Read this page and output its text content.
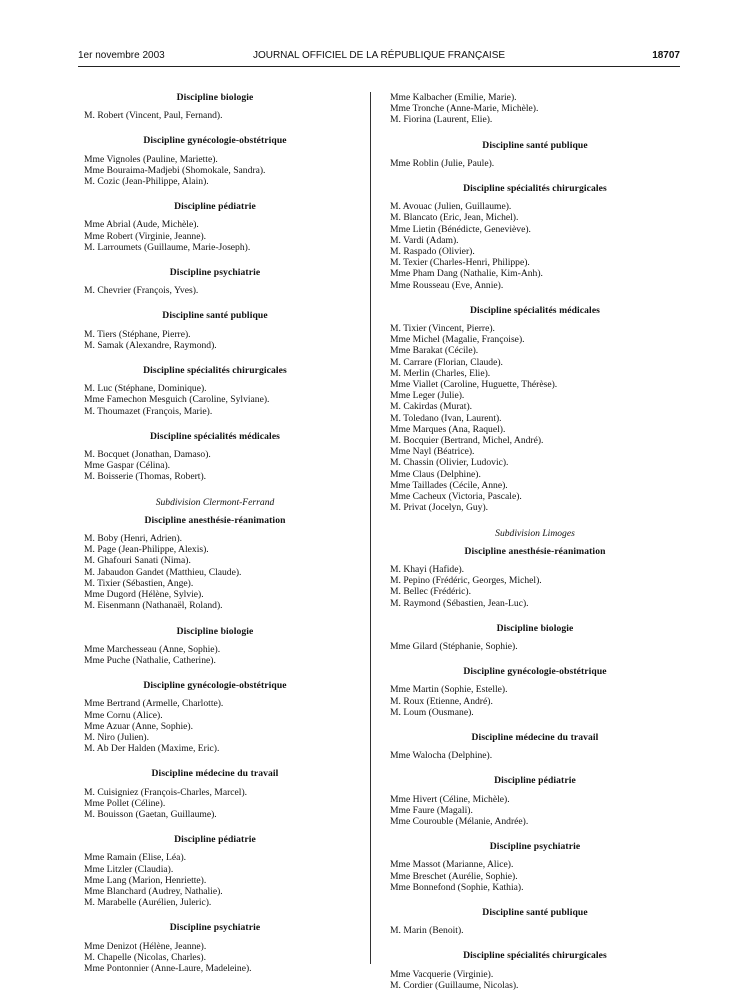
1er novembre 2003	JOURNAL OFFICIEL DE LA RÉPUBLIQUE FRANÇAISE	18707
Discipline biologie
M. Robert (Vincent, Paul, Fernand).
Discipline gynécologie-obstétrique
Mme Vignoles (Pauline, Mariette).
Mme Bouraima-Madjebi (Shomokale, Sandra).
M. Cozic (Jean-Philippe, Alain).
Discipline pédiatrie
Mme Abrial (Aude, Michèle).
Mme Robert (Virginie, Jeanne).
M. Larroumets (Guillaume, Marie-Joseph).
Discipline psychiatrie
M. Chevrier (François, Yves).
Discipline santé publique
M. Tiers (Stéphane, Pierre).
M. Samak (Alexandre, Raymond).
Discipline spécialités chirurgicales
M. Luc (Stéphane, Dominique).
Mme Famechon Mesguich (Caroline, Sylviane).
M. Thoumazet (François, Marie).
Discipline spécialités médicales
M. Bocquet (Jonathan, Damaso).
Mme Gaspar (Célina).
M. Boisserie (Thomas, Robert).
Subdivision Clermont-Ferrand
Discipline anesthésie-réanimation
M. Boby (Henri, Adrien).
M. Page (Jean-Philippe, Alexis).
M. Ghafouri Sanati (Nima).
M. Jabaudon Gandet (Matthieu, Claude).
M. Tixier (Sébastien, Ange).
Mme Dugord (Hélène, Sylvie).
M. Eisenmann (Nathanaël, Roland).
Discipline biologie
Mme Marchesseau (Anne, Sophie).
Mme Puche (Nathalie, Catherine).
Discipline gynécologie-obstétrique
Mme Bertrand (Armelle, Charlotte).
Mme Cornu (Alice).
Mme Azuar (Anne, Sophie).
M. Niro (Julien).
M. Ab Der Halden (Maxime, Eric).
Discipline médecine du travail
M. Cuisigniez (François-Charles, Marcel).
Mme Pollet (Céline).
M. Bouisson (Gaetan, Guillaume).
Discipline pédiatrie
Mme Ramain (Elise, Léa).
Mme Litzler (Claudia).
Mme Lang (Marion, Henriette).
Mme Blanchard (Audrey, Nathalie).
M. Marabelle (Aurélien, Juleric).
Discipline psychiatrie
Mme Denizot (Hélène, Jeanne).
M. Chapelle (Nicolas, Charles).
Mme Pontonnier (Anne-Laure, Madeleine).
Mme Kalbacher (Emilie, Marie).
Mme Tronche (Anne-Marie, Michèle).
M. Fiorina (Laurent, Elie).
Discipline santé publique
Mme Roblin (Julie, Paule).
Discipline spécialités chirurgicales
M. Avouac (Julien, Guillaume).
M. Blancato (Eric, Jean, Michel).
Mme Lietin (Bénédicte, Geneviève).
M. Vardi (Adam).
M. Raspado (Olivier).
M. Texier (Charles-Henri, Philippe).
Mme Pham Dang (Nathalie, Kim-Anh).
Mme Rousseau (Eve, Annie).
Discipline spécialités médicales
M. Tixier (Vincent, Pierre).
Mme Michel (Magalie, Françoise).
Mme Barakat (Cécile).
M. Carrare (Florian, Claude).
M. Merlin (Charles, Elie).
Mme Viallet (Caroline, Huguette, Thérèse).
Mme Leger (Julie).
M. Cakirdas (Murat).
M. Toledano (Ivan, Laurent).
Mme Marques (Ana, Raquel).
M. Bocquier (Bertrand, Michel, André).
Mme Nayl (Béatrice).
M. Chassin (Olivier, Ludovic).
Mme Claus (Delphine).
Mme Taillades (Cécile, Anne).
Mme Cacheux (Victoria, Pascale).
M. Privat (Jocelyn, Guy).
Subdivision Limoges
Discipline anesthésie-réanimation
M. Khayi (Hafide).
M. Pepino (Frédéric, Georges, Michel).
M. Bellec (Frédéric).
M. Raymond (Sébastien, Jean-Luc).
Discipline biologie
Mme Gilard (Stéphanie, Sophie).
Discipline gynécologie-obstétrique
Mme Martin (Sophie, Estelle).
M. Roux (Etienne, André).
M. Loum (Ousmane).
Discipline médecine du travail
Mme Walocha (Delphine).
Discipline pédiatrie
Mme Hivert (Céline, Michèle).
Mme Faure (Magali).
Mme Courouble (Mélanie, Andrée).
Discipline psychiatrie
Mme Massot (Marianne, Alice).
Mme Breschet (Aurélie, Sophie).
Mme Bonnefond (Sophie, Kathia).
Discipline santé publique
M. Marin (Benoit).
Discipline spécialités chirurgicales
Mme Vacquerie (Virginie).
M. Cordier (Guillaume, Nicolas).
